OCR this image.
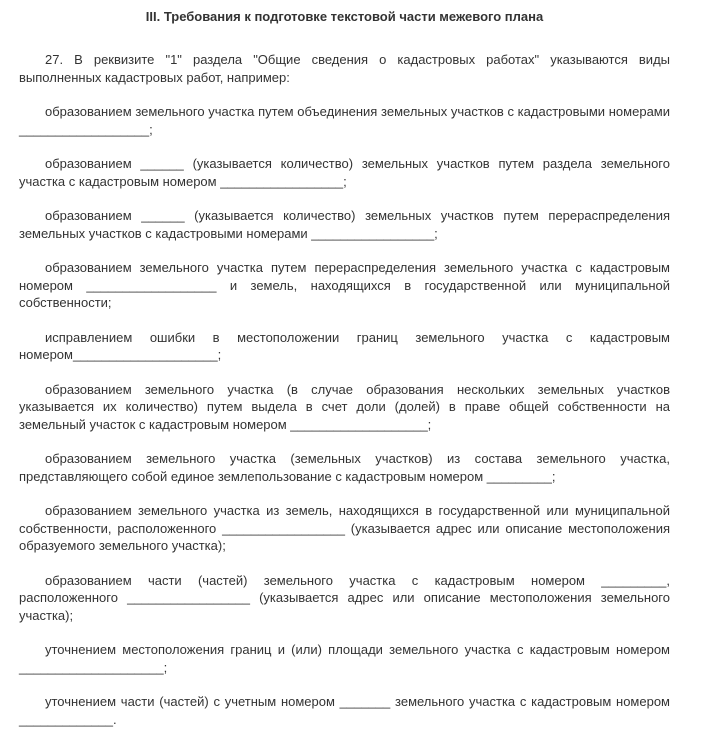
III. Требования к подготовке текстовой части межевого плана

27. В реквизите "1" раздела "Общие сведения о кадастровых работах" указываются виды выполненных кадастровых работ, например:

образованием земельного участка путем объединения земельных участков с кадастровыми номерами __________________;

образованием ______ (указывается количество) земельных участков путем раздела земельного участка с кадастровым номером _________________;

образованием ______ (указывается количество) земельных участков путем перераспределения земельных участков с кадастровыми номерами _________________;

образованием земельного участка путем перераспределения земельного участка с кадастровым номером __________________ и земель, находящихся в государственной или муниципальной собственности;

исправлением ошибки в местоположении границ земельного участка с кадастровым номером____________________;

образованием земельного участка (в случае образования нескольких земельных участков указывается их количество) путем выдела в счет доли (долей) в праве общей собственности на земельный участок с кадастровым номером ___________________;

образованием земельного участка (земельных участков) из состава земельного участка, представляющего собой единое землепользование с кадастровым номером _________;

образованием земельного участка из земель, находящихся в государственной или муниципальной собственности, расположенного _________________ (указывается адрес или описание местоположения образуемого земельного участка);

образованием части (частей) земельного участка с кадастровым номером _________, расположенного _________________ (указывается адрес или описание местоположения земельного участка);

уточнением местоположения границ и (или) площади земельного участка с кадастровым номером ____________________;

уточнением части (частей) с учетным номером _______ земельного участка с кадастровым номером _____________.
